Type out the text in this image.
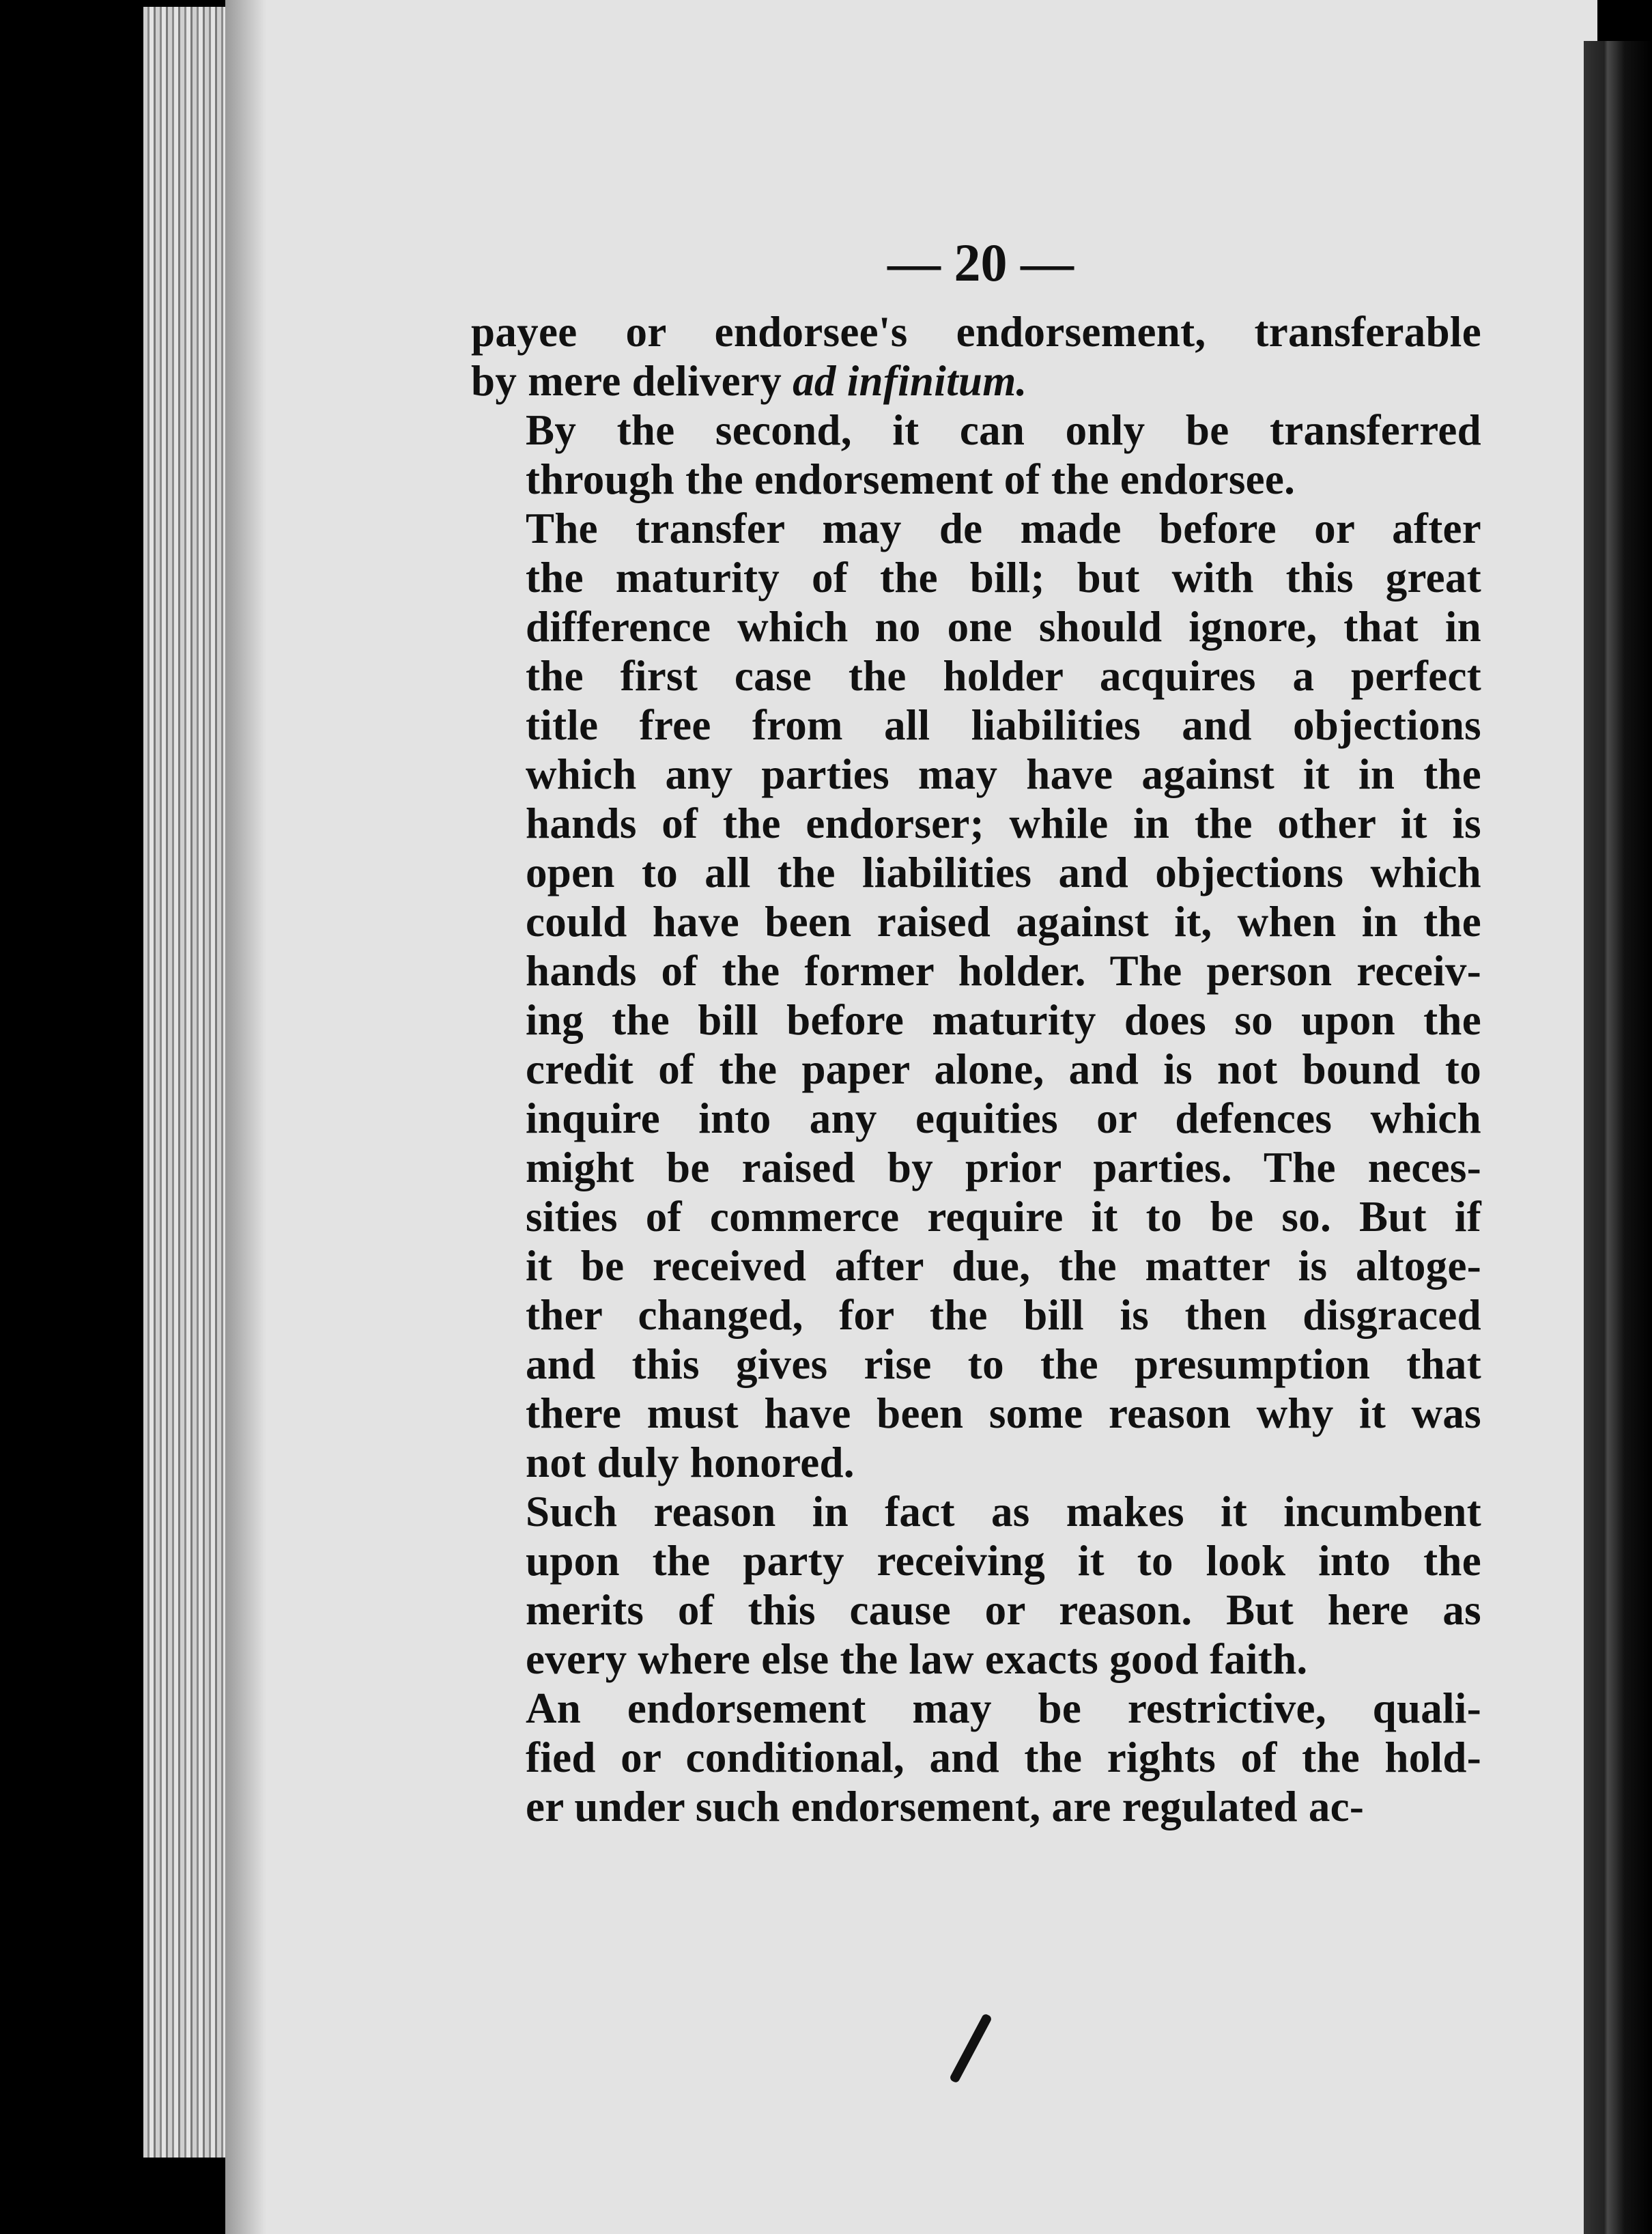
— 20 —

payee or endorsee's endorsement, transferable
by mere delivery ad infinitum.

By the second, it can only be transferred
through the endorsement of the endorsee.

The transfer may de made before or after
the maturity of the bill; but with this great
difference which no one should ignore, that in
the first case the holder acquires a perfect
title free from all liabilities and objections
which any parties may have against it in the
hands of the endorser; while in the other it is
open to all the liabilities and objections which
could have been raised against it, when in the
hands of the former holder. The person receiv-
ing the bill before maturity does so upon the
credit of the paper alone, and is not bound to
inquire into any equities or defences which
might be raised by prior parties. The neces-
sities of commerce require it to be so. But if
it be received after due, the matter is altoge-
ther changed, for the bill is then disgraced
and this gives rise to the presumption that
there must have been some reason why it was
not duly honored.

Such reason in fact as makes it incumbent
upon the party receiving it to look into the
merits of this cause or reason. But here as
every where else the law exacts good faith.

An endorsement may be restrictive, quali-
fied or conditional, and the rights of the hold-
er under such endorsement, are regulated ac-
